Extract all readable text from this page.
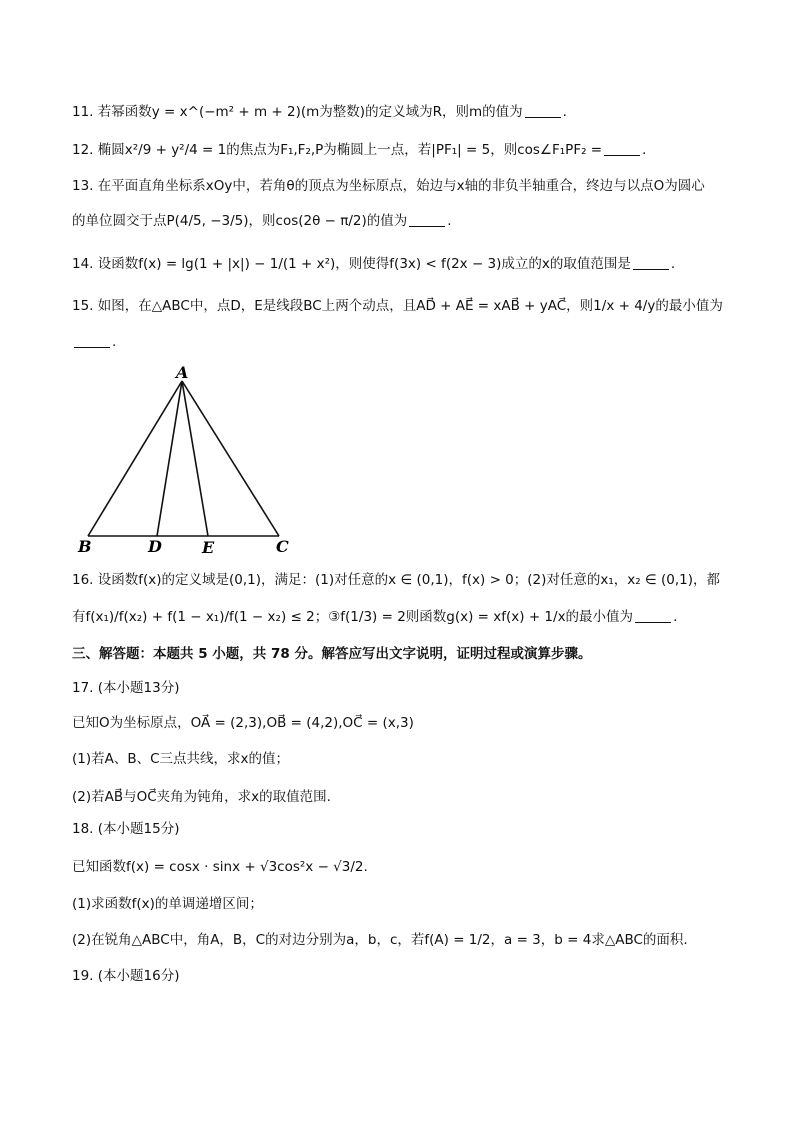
11. 若幂函数y = x^(−m² + m + 2)(m为整数)的定义域为R，则m的值为	.
12. 椭圆x²/9 + y²/4 = 1的焦点为F₁,F₂,P为椭圆上一点，若|PF₁| = 5，则cos∠F₁PF₂ =	.
13. 在平面直角坐标系xOy中，若角θ的顶点为坐标原点，始边与x轴的非负半轴重合，终边与以点O为圆心
的单位圆交于点P(4/5, −3/5)，则cos(2θ − π/2)的值为	.
14. 设函数f(x) = lg(1 + |x|) − 1/(1 + x²)，则使得f(3x) < f(2x − 3)成立的x的取值范围是	.
15. 如图，在△ABC中，点D，E是线段BC上两个动点，且AD⃗ + AE⃗ = xAB⃗ + yAC⃗，则1/x + 4/y的最小值为
.
A
B	D	E	C
16. 设函数f(x)的定义域是(0,1)，满足：(1)对任意的x ∈ (0,1)，f(x) > 0；(2)对任意的x₁，x₂ ∈ (0,1)，都
有f(x₁)/f(x₂) + f(1 − x₁)/f(1 − x₂) ≤ 2；③f(1/3) = 2则函数g(x) = xf(x) + 1/x的最小值为	.
三、解答题：本题共 5 小题，共 78 分。解答应写出文字说明，证明过程或演算步骤。
17. (本小题13分)
已知O为坐标原点，OA⃗ = (2,3),OB⃗ = (4,2),OC⃗ = (x,3)
(1)若A、B、C三点共线，求x的值；
(2)若AB⃗与OC⃗夹角为钝角，求x的取值范围.
18. (本小题15分)
已知函数f(x) = cosx · sinx + √3cos²x − √3/2.
(1)求函数f(x)的单调递增区间；
(2)在锐角△ABC中，角A，B，C的对边分别为a，b，c，若f(A) = 1/2，a = 3，b = 4求△ABC的面积.
19. (本小题16分)
